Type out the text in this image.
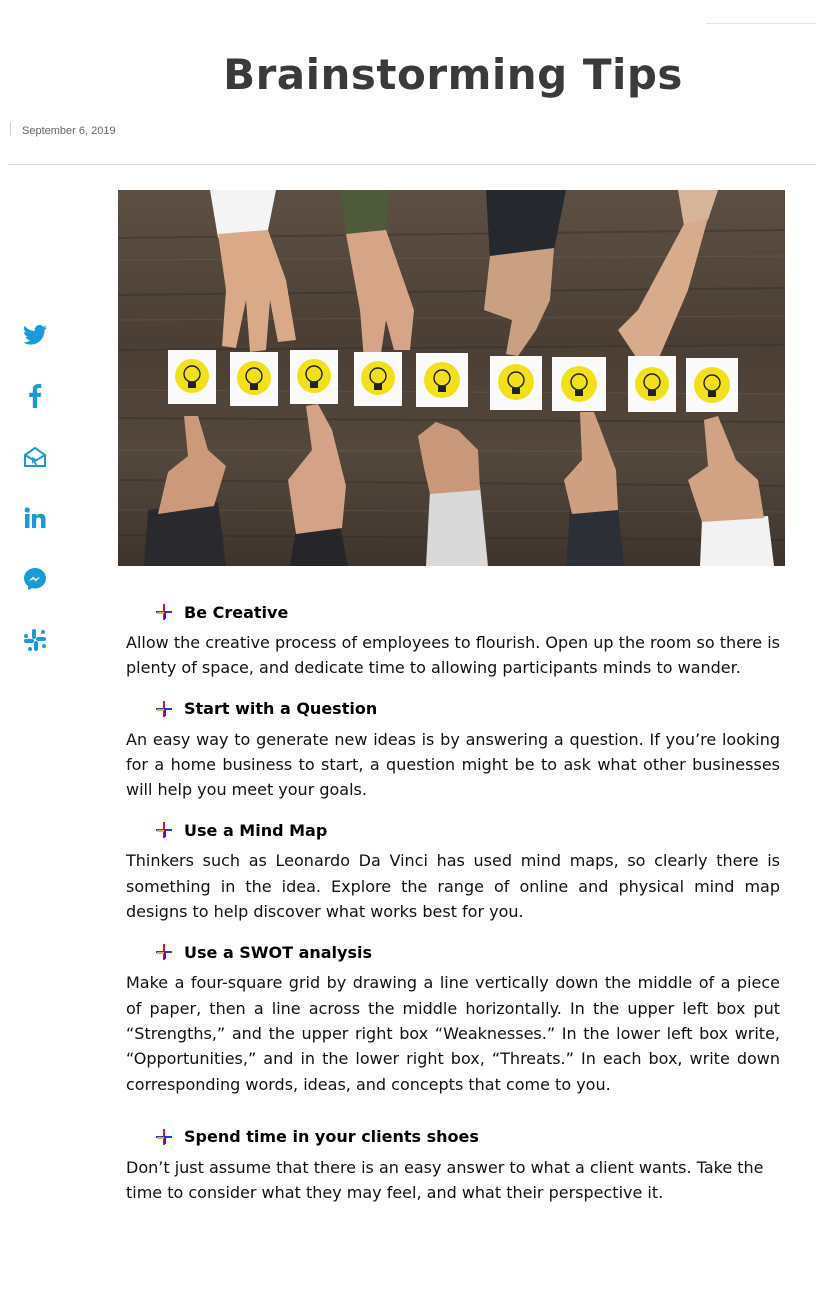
Brainstorming Tips
September 6, 2019
Be Creative

Allow the creative process of employees to flourish. Open up the room so there is plenty of space, and dedicate time to allowing participants minds to wander.

Start with a Question

An easy way to generate new ideas is by answering a question. If you’re looking for a home business to start, a question might be to ask what other businesses will help you meet your goals.

Use a Mind Map

Thinkers such as Leonardo Da Vinci has used mind maps, so clearly there is something in the idea. Explore the range of online and physical mind map designs to help discover what works best for you.

Use a SWOT analysis

Make a four-square grid by drawing a line vertically down the middle of a piece of paper, then a line across the middle horizontally. In the upper left box put “Strengths,” and the upper right box “Weaknesses.” In the lower left box write, “Opportunities,” and in the lower right box, “Threats.” In each box, write down corresponding words, ideas, and concepts that come to you.

Spend time in your clients shoes

Don’t just assume that there is an easy answer to what a client wants. Take the time to consider what they may feel, and what their perspective it.
